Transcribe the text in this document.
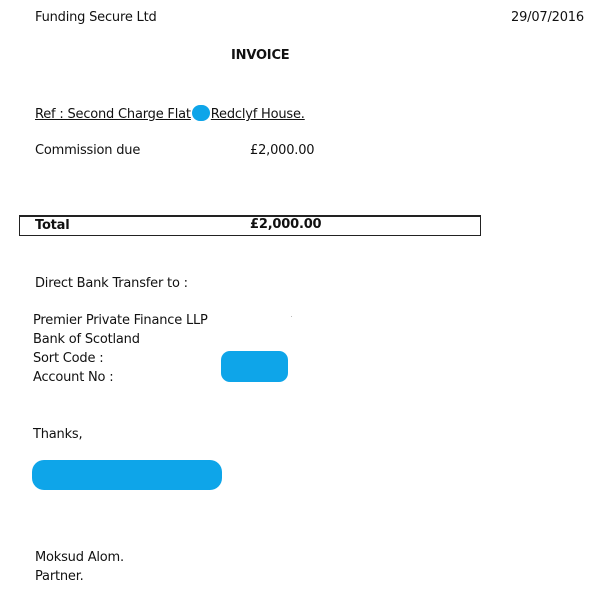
Funding Secure Ltd	29/07/2016
INVOICE
Ref : Second Charge Flat Redclyf House.
Commission due	£2,000.00
Total	£2,000.00
Direct Bank Transfer to :
Premier Private Finance LLP
Bank of Scotland
Sort Code :
Account No :
Thanks,
Moksud Alom.
Partner.
